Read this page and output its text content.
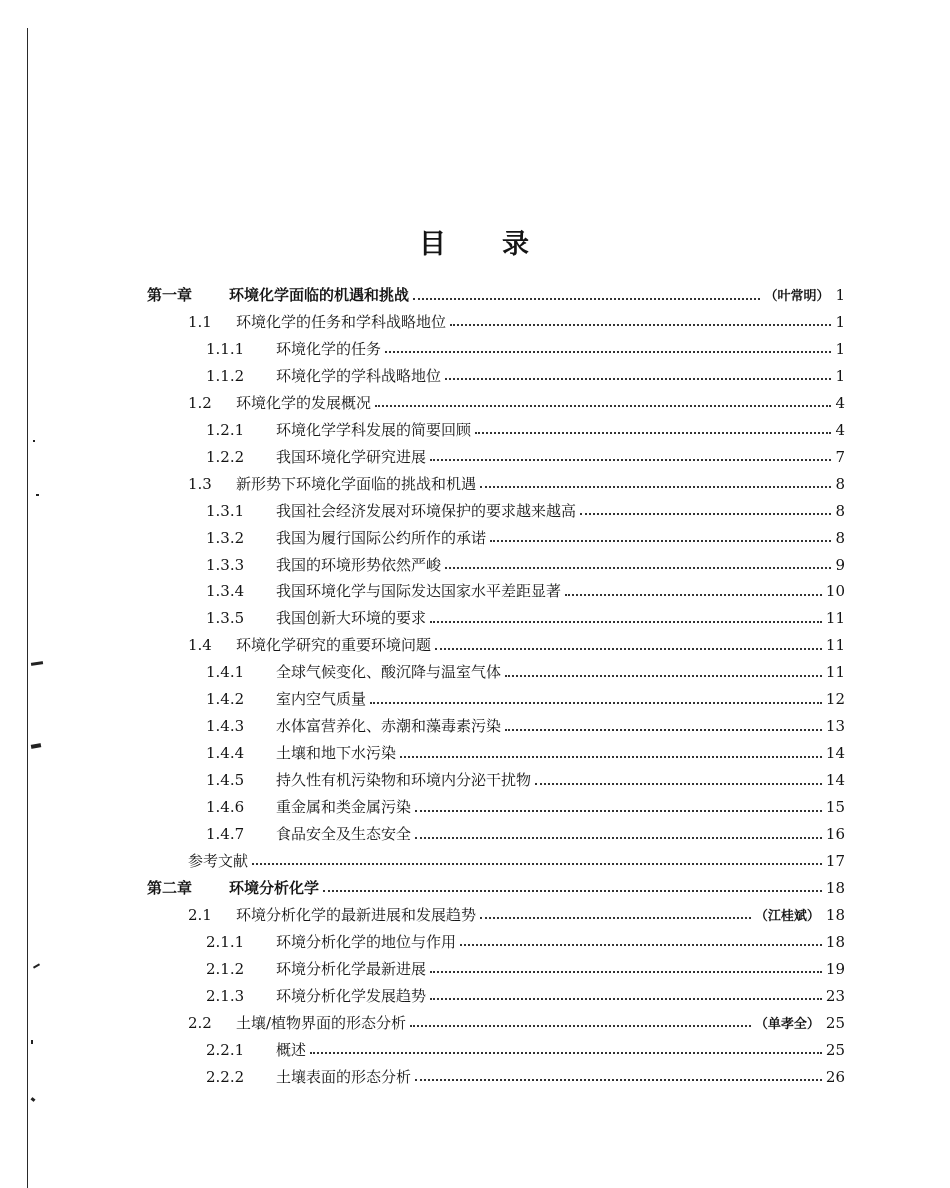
目 录
第一章	环境化学面临的机遇和挑战	（叶常明） 1
1.1	环境化学的任务和学科战略地位	1
1.1.1	环境化学的任务	1
1.1.2	环境化学的学科战略地位	1
1.2	环境化学的发展概况	4
1.2.1	环境化学学科发展的简要回顾	4
1.2.2	我国环境化学研究进展	7
1.3	新形势下环境化学面临的挑战和机遇	8
1.3.1	我国社会经济发展对环境保护的要求越来越高	8
1.3.2	我国为履行国际公约所作的承诺	8
1.3.3	我国的环境形势依然严峻	9
1.3.4	我国环境化学与国际发达国家水平差距显著	10
1.3.5	我国创新大环境的要求	11
1.4	环境化学研究的重要环境问题	11
1.4.1	全球气候变化、酸沉降与温室气体	11
1.4.2	室内空气质量	12
1.4.3	水体富营养化、赤潮和藻毒素污染	13
1.4.4	土壤和地下水污染	14
1.4.5	持久性有机污染物和环境内分泌干扰物	14
1.4.6	重金属和类金属污染	15
1.4.7	食品安全及生态安全	16
参考文献	17
第二章	环境分析化学	18
2.1	环境分析化学的最新进展和发展趋势	（江桂斌） 18
2.1.1	环境分析化学的地位与作用	18
2.1.2	环境分析化学最新进展	19
2.1.3	环境分析化学发展趋势	23
2.2	土壤/植物界面的形态分析	（单孝全） 25
2.2.1	概述	25
2.2.2	土壤表面的形态分析	26
